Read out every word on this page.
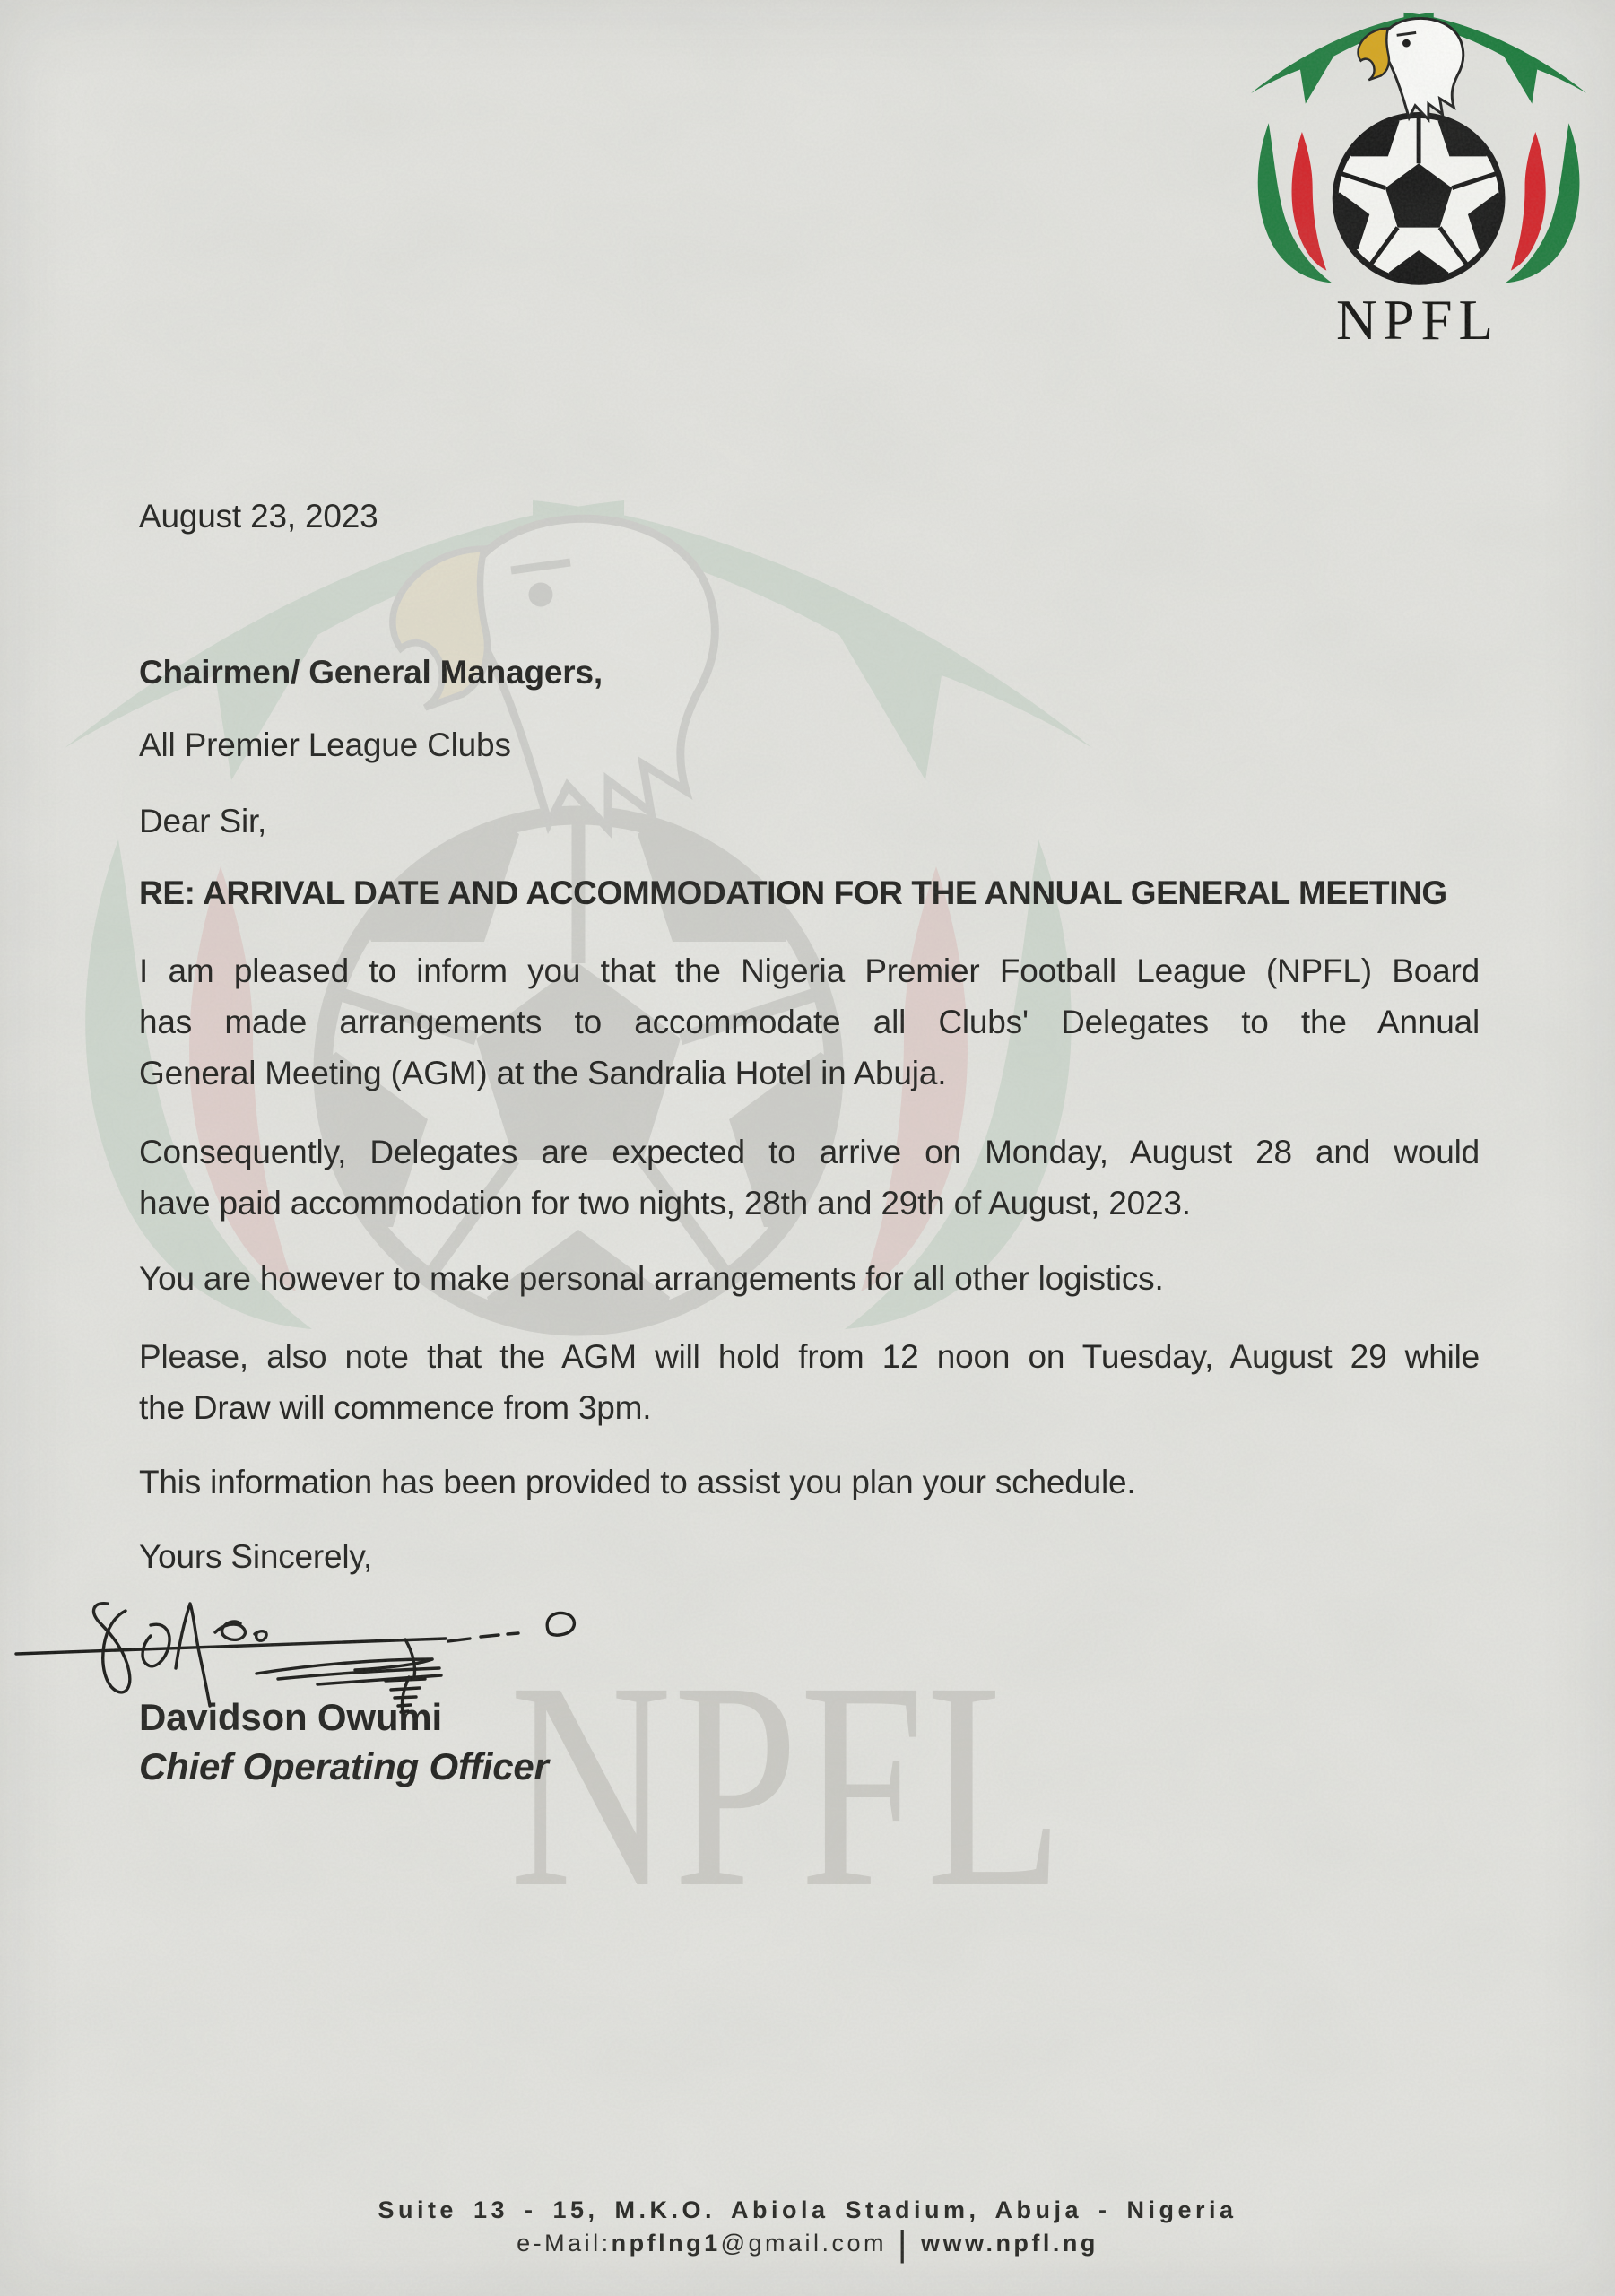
NPFL
NPFL
August 23, 2023
Chairmen/ General Managers,
All Premier League Clubs
Dear Sir,
RE: ARRIVAL DATE AND ACCOMMODATION FOR THE ANNUAL GENERAL MEETING
I am pleased to inform you that the Nigeria Premier Football League (NPFL) Board
has made arrangements to accommodate all Clubs' Delegates to the Annual
General Meeting (AGM) at the Sandralia Hotel in Abuja.
Consequently, Delegates are expected to arrive on Monday, August 28 and would
have paid accommodation for two nights, 28th and 29th of August, 2023.
You are however to make personal arrangements for all other logistics.
Please, also note that the AGM will hold from 12 noon on Tuesday, August 29 while
the Draw will commence from 3pm.
This information has been provided to assist you plan your schedule.
Yours Sincerely,
Davidson Owumi
Chief Operating Officer
Suite 13 - 15, M.K.O. Abiola Stadium, Abuja - Nigeria
e-Mail:npflng1@gmail.com | www.npfl.ng
